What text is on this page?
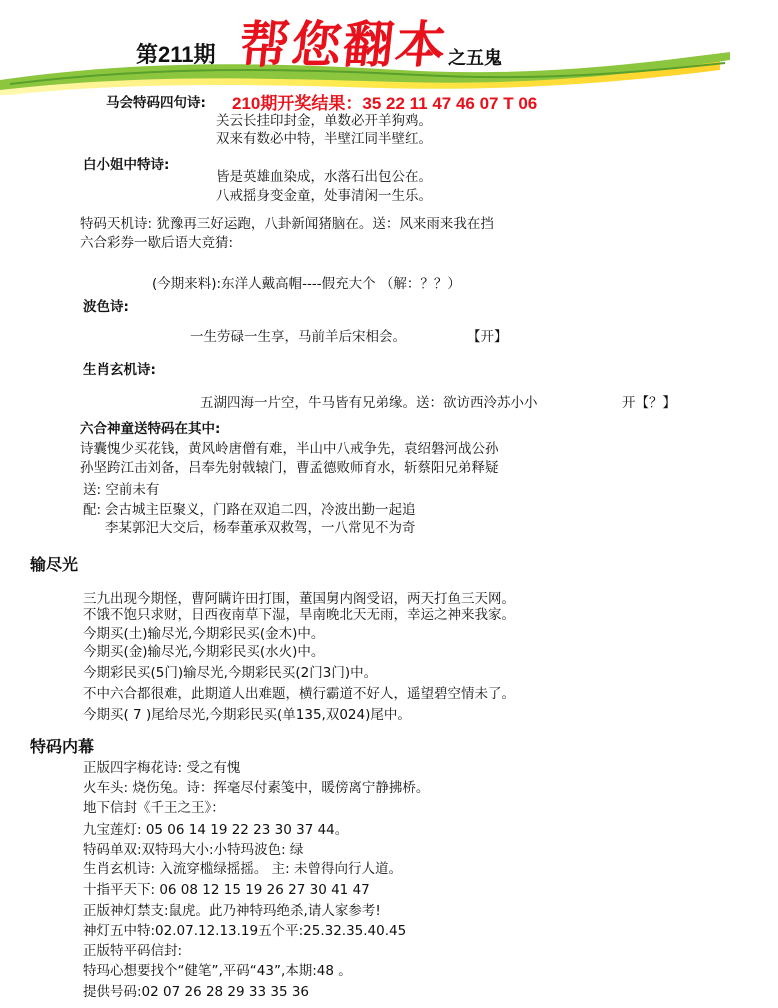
第211期 帮您翻本
之五鬼
210期开奖结果：35 22 11 47 46 07 T 06
马会特码四句诗:
关云长挂印封金，单数必开羊狗鸡。
双来有数必中特，半壁江同半壁红。
白小姐中特诗:
皆是英雄血染成，水落石出包公在。
八戒摇身变金童，处事清闲一生乐。
特码天机诗: 犹豫再三好运跑，八卦新闻猪脑在。送：风来雨来我在挡
六合彩券一歇后语大竞猜:
(今期来料):东洋人戴高帽----假充大个 （解：？？）
波色诗:
一生劳碌一生享，马前羊后宋相会。	【开】
生肖玄机诗:
五湖四海一片空，牛马皆有兄弟缘。送：欲访西泠苏小小	开【？】
六合神童送特码在其中:
诗囊愧少买花钱，黄风岭唐僧有难，半山中八戒争先，袁绍磐河战公孙
孙坚跨江击刘备，吕奉先射戟辕门，曹孟德败师育水，斩蔡阳兄弟释疑
送: 空前未有
配: 会古城主臣聚义，门路在双追二四，冷波出勤一起追
李某郭汜大交后，杨奉董承双救驾，一八常见不为奇
输尽光
三九出现今期怪，曹阿瞒许田打围，董国舅内阁受诏，两天打鱼三天网。
不饿不饱只求财，日西夜南草下湿，旱南晚北天无雨，幸运之神来我家。
今期买(土)输尽光,今期彩民买(金木)中。
今期买(金)输尽光,今期彩民买(水火)中。
今期彩民买(5门)输尽光,今期彩民买(2门3门)中。
不中六合都很难，此期道人出难题，横行霸道不好人，遥望碧空情未了。
今期买( 7 )尾给尽光,今期彩民买(单135,双024)尾中。
特码内幕
正版四字梅花诗: 受之有愧
火车头: 烧伤兔。诗：挥毫尽付素笺中，暖傍离宁静拂桥。
地下信封《千王之王》：
九宝莲灯: 05 06 14 19 22 23 30 37 44。
特码单双:双特玛大小:小特玛波色: 绿
生肖玄机诗: 入流穿槛绿摇摇。 主: 未曾得向行人道。
十指平天下: 06 08 12 15 19 26 27 30 41 47
正版神灯禁支:鼠虎。此乃神特玛绝杀,请人家参考!
神灯五中特:02.07.12.13.19五个平:25.32.35.40.45
正版特平码信封:
特玛心想要找个“健笔”,平码“43”,本期:48 。
提供号码:02 07 26 28 29 33 35 36
